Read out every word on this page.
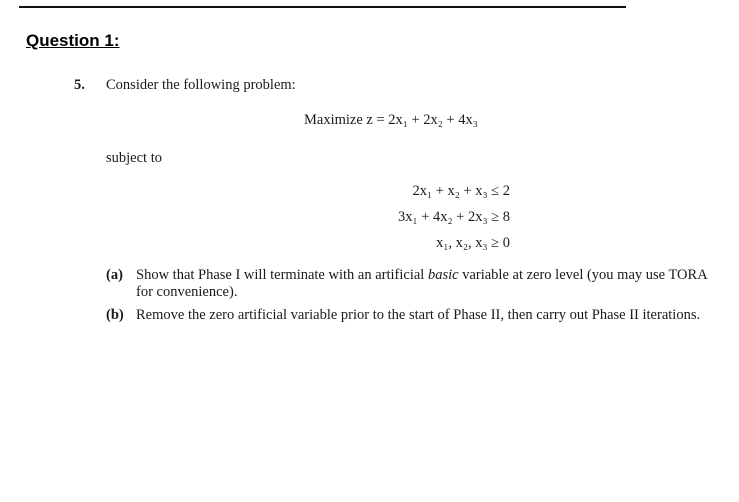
Question 1:
5. Consider the following problem:
Maximize z = 2x₁ + 2x₂ + 4x₃
subject to
2x₁ + x₂ + x₃ ≤ 2
3x₁ + 4x₂ + 2x₃ ≥ 8
x₁, x₂, x₃ ≥ 0
(a) Show that Phase I will terminate with an artificial basic variable at zero level (you may use TORA for convenience).
(b) Remove the zero artificial variable prior to the start of Phase II, then carry out Phase II iterations.
